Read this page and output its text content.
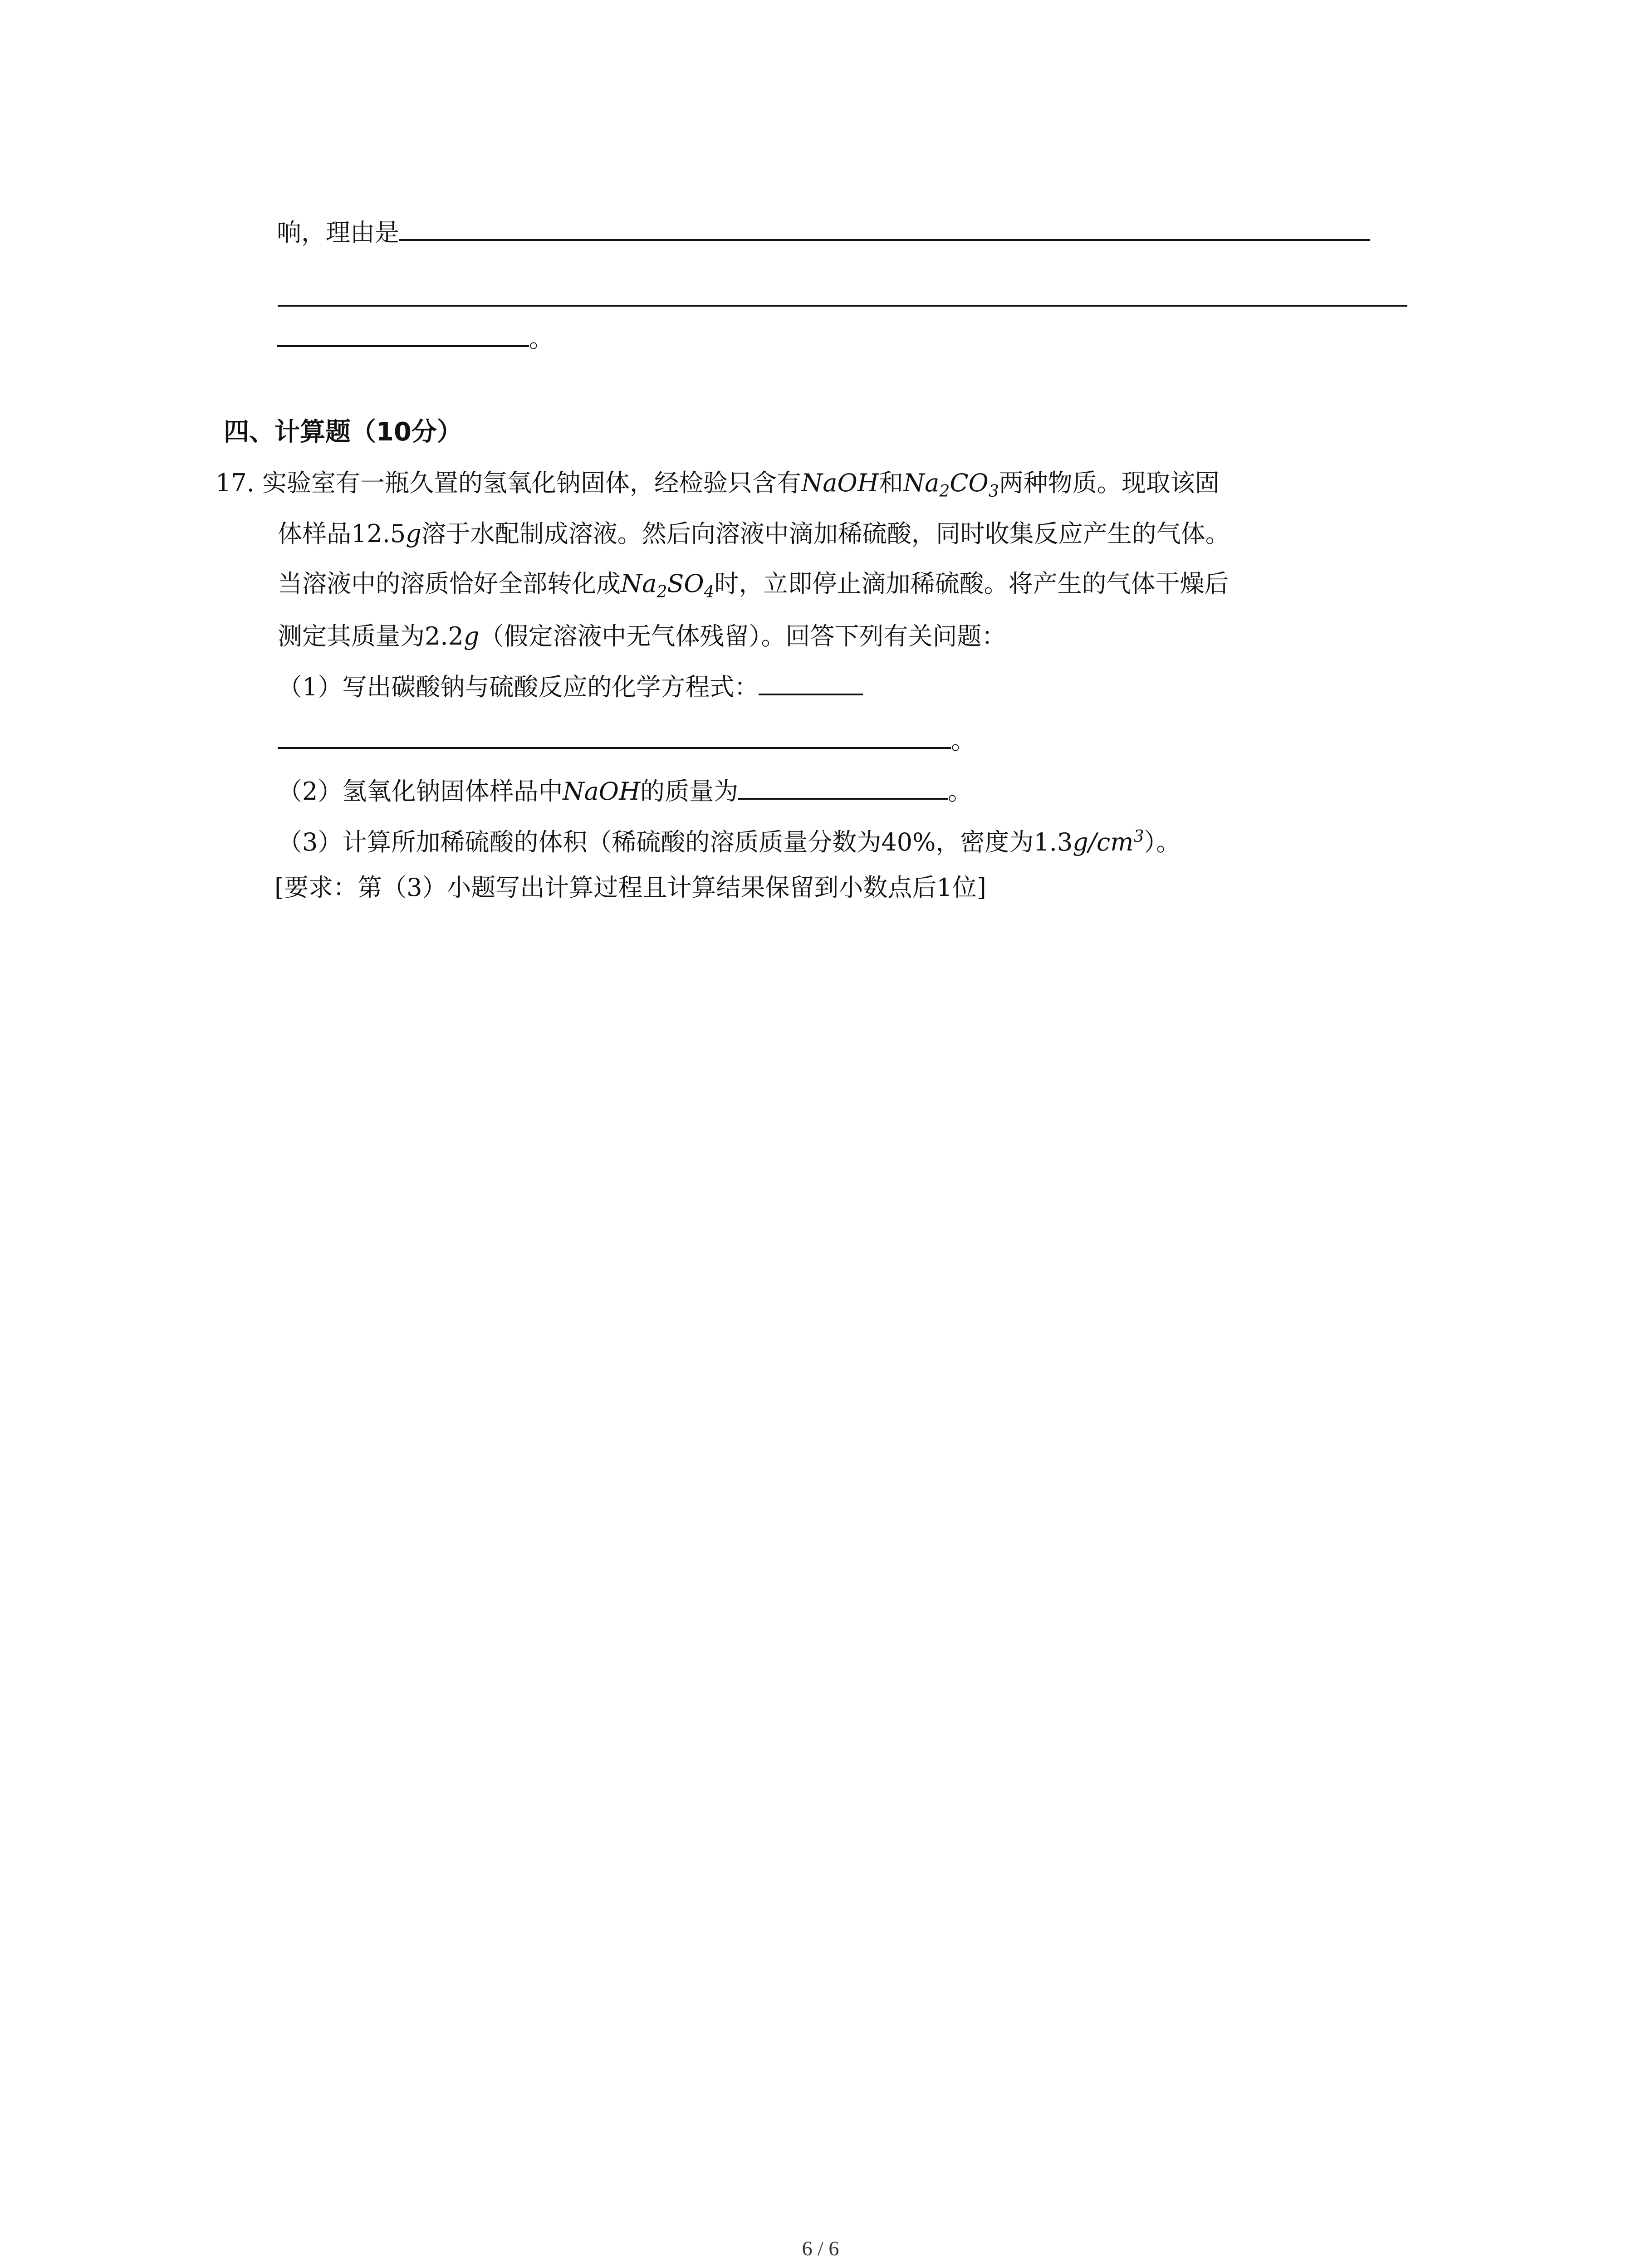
响，理由是
。
四、计算题（10分）
17. 实验室有一瓶久置的氢氧化钠固体，经检验只含有NaOH和$Na_2CO_3$两种物质。现取该固
体样品12.5g溶于水配制成溶液。然后向溶液中滴加稀硫酸，同时收集反应产生的气体。
当溶液中的溶质恰好全部转化成$Na_2SO_4$时，立即停止滴加稀硫酸。将产生的气体干燥后
测定其质量为2.2g（假定溶液中无气体残留）。回答下列有关问题：
（1）写出碳酸钠与硫酸反应的化学方程式：
。
（2）氢氧化钠固体样品中NaOH的质量为	。
（3）计算所加稀硫酸的体积（稀硫酸的溶质质量分数为40%，密度为$1.3g/cm^3$）。
[要求：第（3）小题写出计算过程且计算结果保留到小数点后1位]
6 / 6
